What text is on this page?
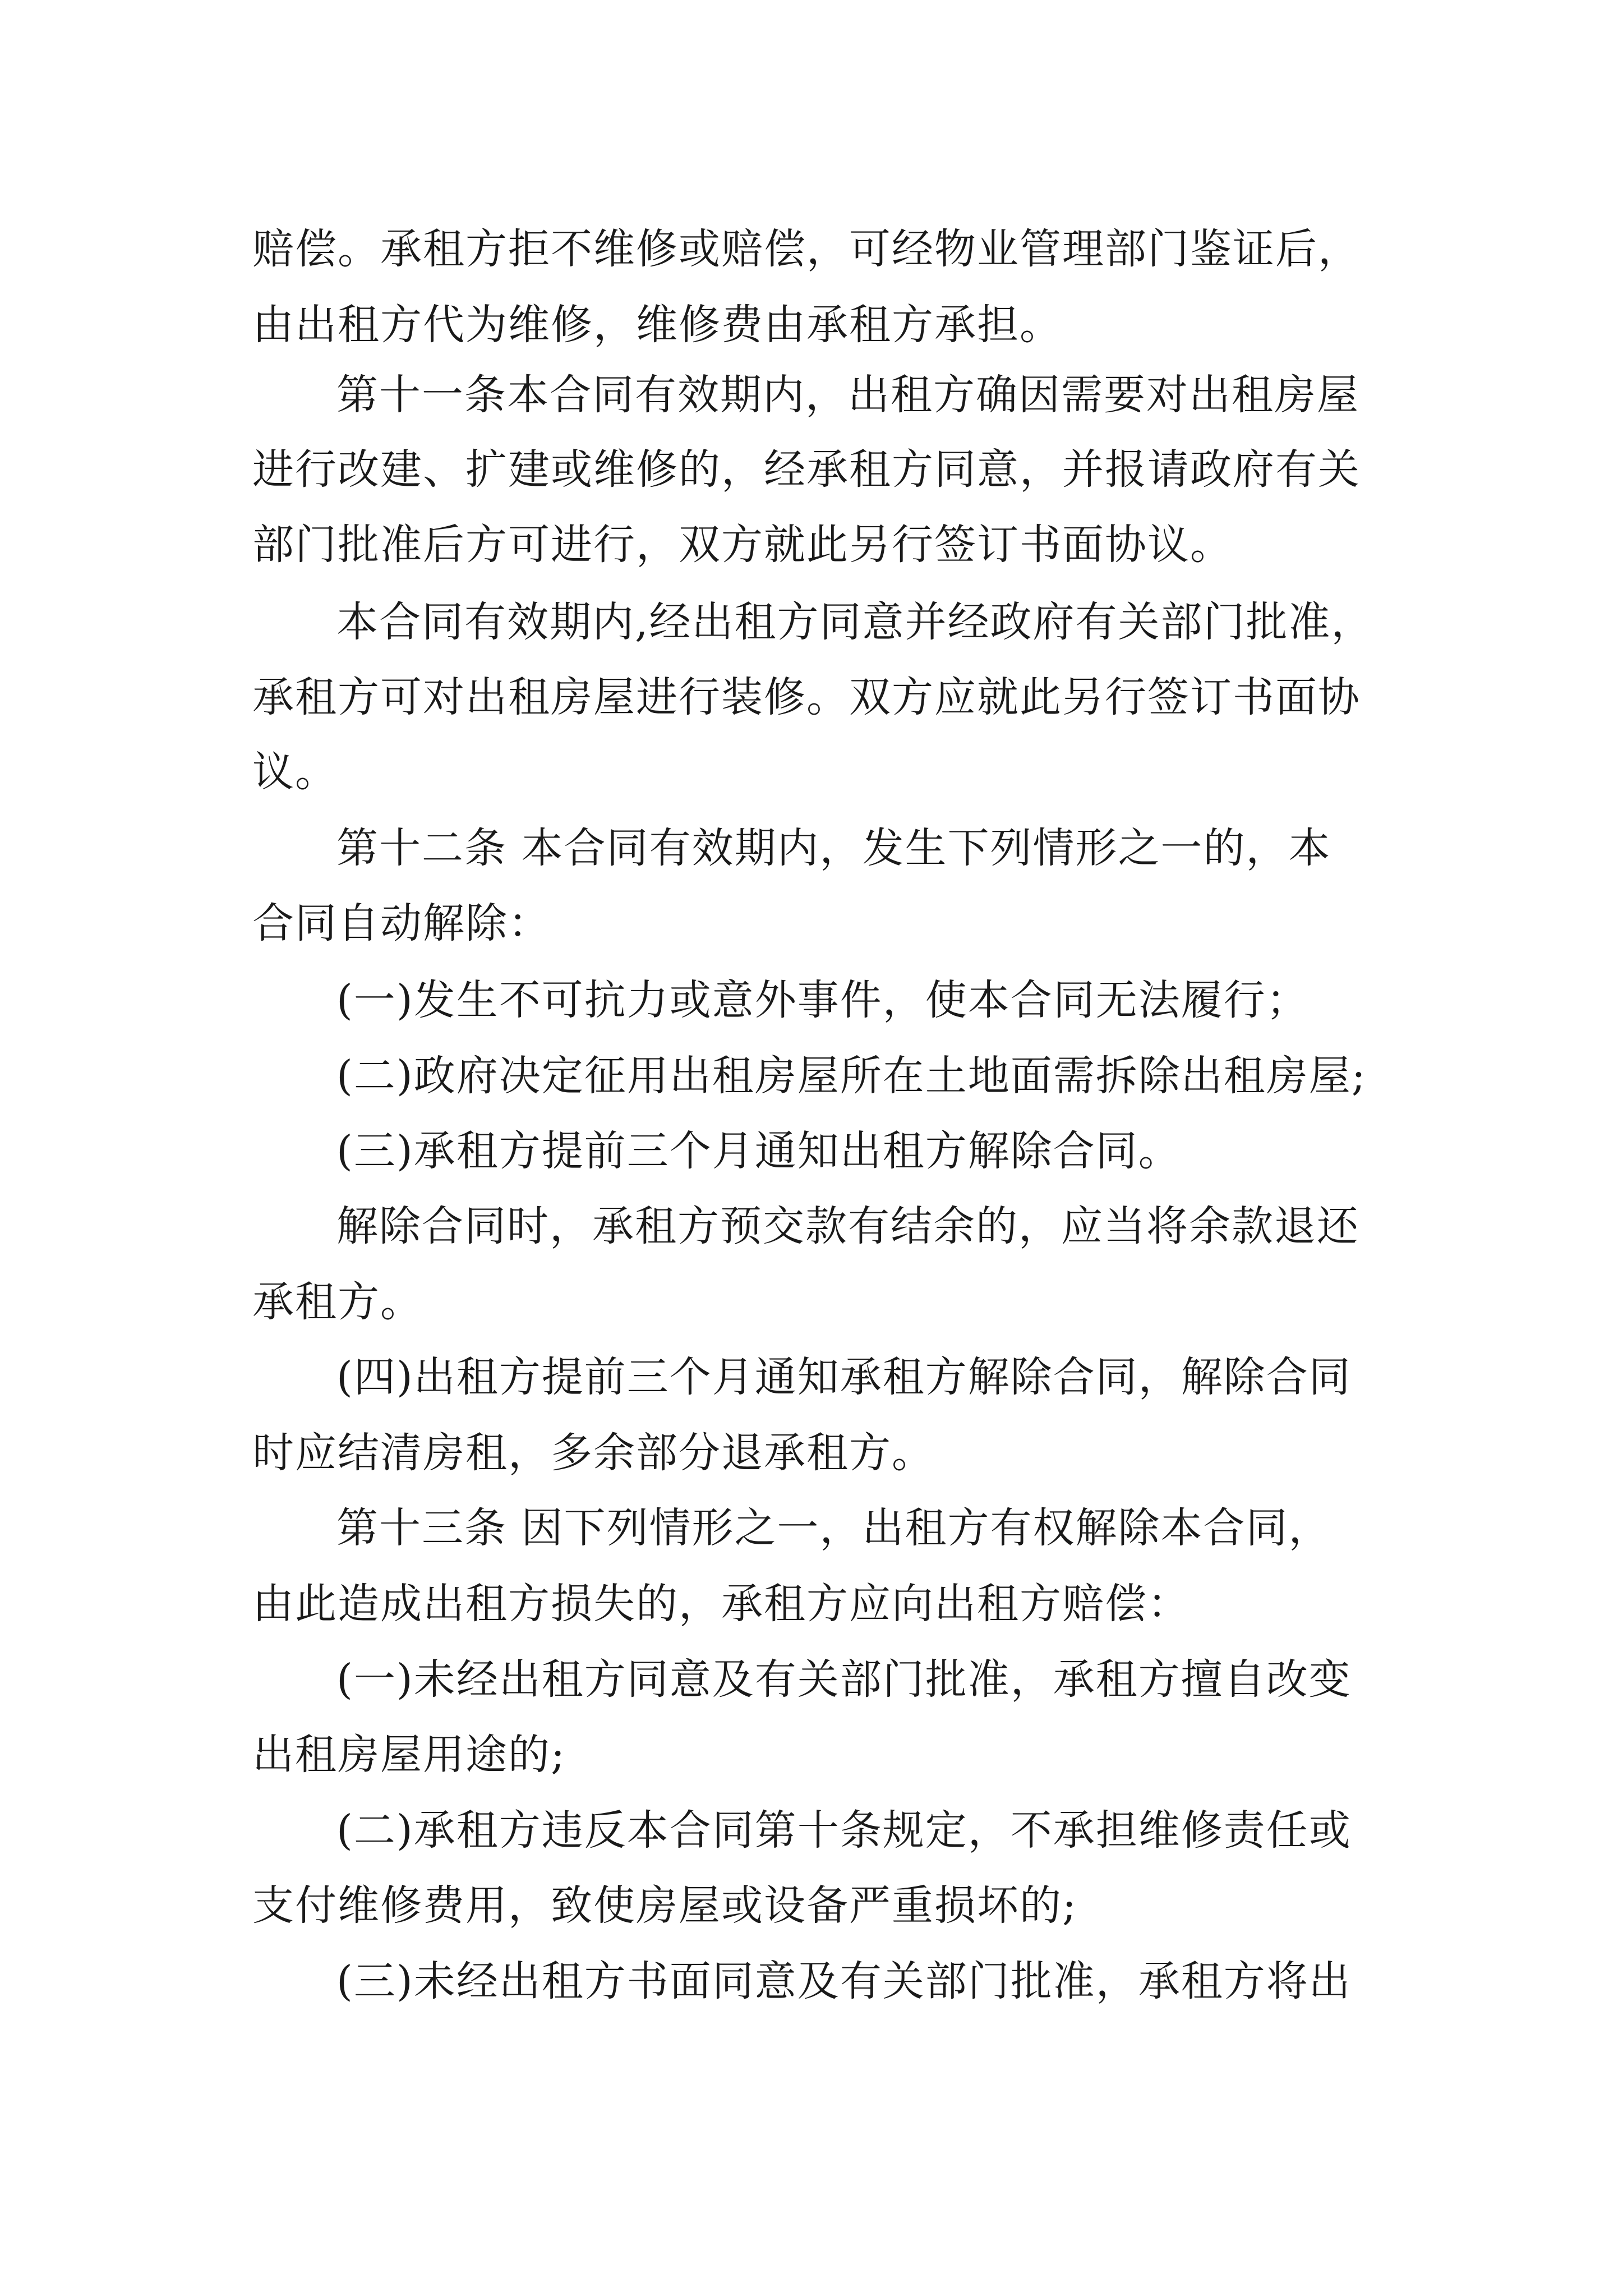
赔偿。承租方拒不维修或赔偿，可经物业管理部门鉴证后，
由出租方代为维修，维修费由承租方承担。
第十一条本合同有效期内，出租方确因需要对出租房屋
进行改建、扩建或维修的，经承租方同意，并报请政府有关
部门批准后方可进行，双方就此另行签订书面协议。
本合同有效期内,经出租方同意并经政府有关部门批准，
承租方可对出租房屋进行装修。双方应就此另行签订书面协
议。
第十二条 本合同有效期内，发生下列情形之一的，本
合同自动解除：
(一)发生不可抗力或意外事件，使本合同无法履行；
(二)政府决定征用出租房屋所在土地面需拆除出租房屋;
(三)承租方提前三个月通知出租方解除合同。
解除合同时，承租方预交款有结余的，应当将余款退还
承租方。
(四)出租方提前三个月通知承租方解除合同，解除合同
时应结清房租，多余部分退承租方。
第十三条 因下列情形之一，出租方有权解除本合同，
由此造成出租方损失的，承租方应向出租方赔偿：
(一)未经出租方同意及有关部门批准，承租方擅自改变
出租房屋用途的;
(二)承租方违反本合同第十条规定，不承担维修责任或
支付维修费用，致使房屋或设备严重损坏的;
(三)未经出租方书面同意及有关部门批准，承租方将出
